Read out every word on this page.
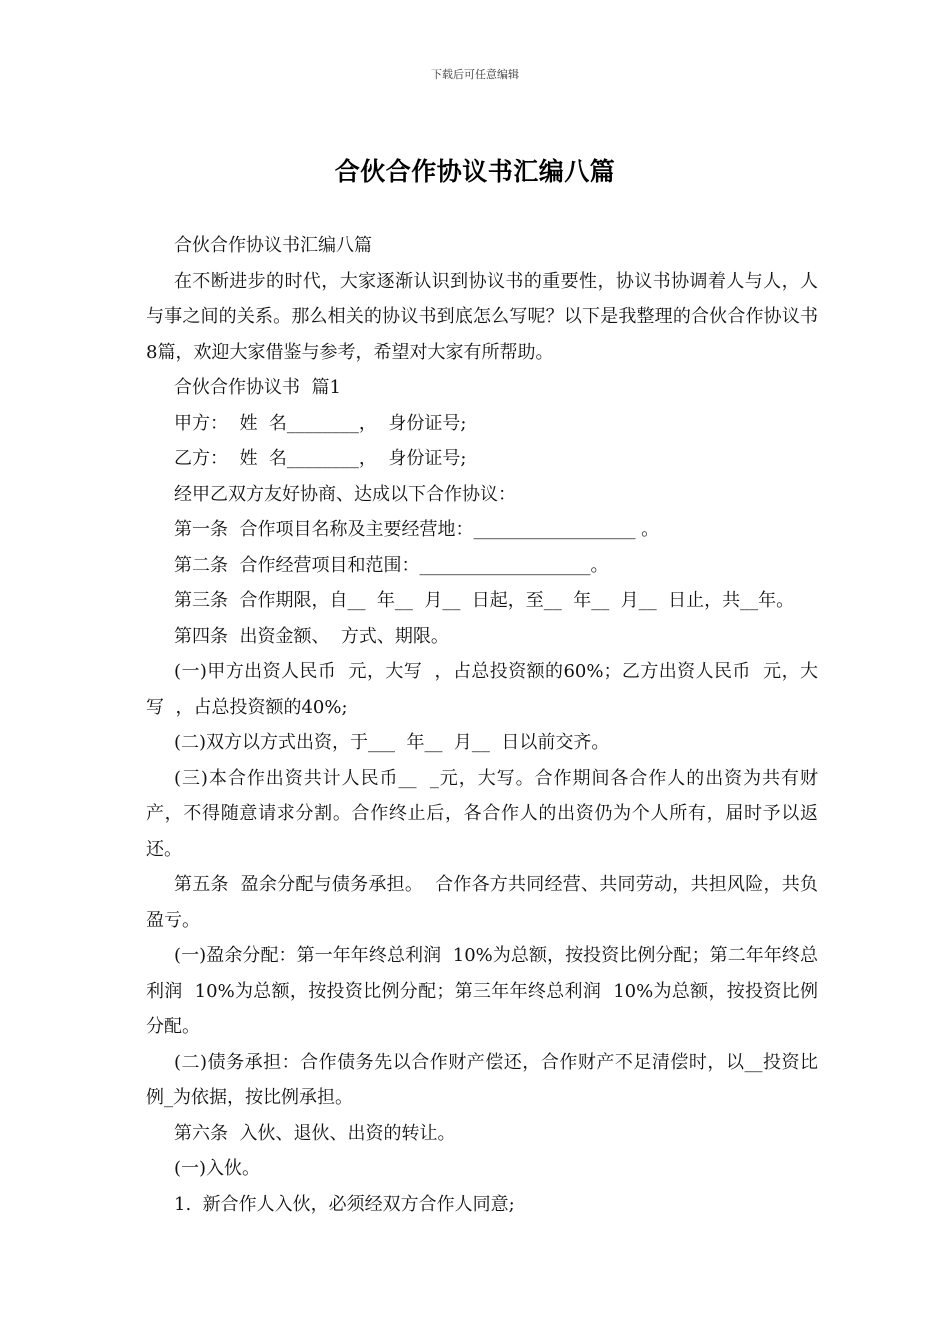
下载后可任意编辑
合伙合作协议书汇编八篇

合伙合作协议书汇编八篇

在不断进步的时代，大家逐渐认识到协议书的重要性，协议书协调着人与人，人与事之间的关系。那么相关的协议书到底怎么写呢？以下是我整理的合伙合作协议书8篇，欢迎大家借鉴与参考，希望对大家有所帮助。

合伙合作协议书  篇1

甲方：  姓  名________，  身份证号;

乙方：  姓  名________，  身份证号;

经甲乙双方友好协商、达成以下合作协议：

第一条  合作项目名称及主要经营地：__________________ 。

第二条  合作经营项目和范围：___________________。

第三条  合作期限，自__  年__  月__  日起，至__  年__  月__  日止，共__年。

第四条  出资金额、  方式、期限。

(一)甲方出资人民币  元，大写  ，占总投资额的60%；乙方出资人民币  元，大写  ，占总投资额的40%;

(二)双方以方式出资，于___  年__  月__  日以前交齐。

(三)本合作出资共计人民币__  _元，大写。合作期间各合作人的出资为共有财产，不得随意请求分割。合作终止后，各合作人的出资仍为个人所有，届时予以返还。

第五条  盈余分配与债务承担。  合作各方共同经营、共同劳动，共担风险，共负盈亏。

(一)盈余分配：第一年年终总利润  10%为总额，按投资比例分配；第二年年终总利润  10%为总额，按投资比例分配；第三年年终总利润  10%为总额，按投资比例分配。

(二)债务承担：合作债务先以合作财产偿还，合作财产不足清偿时，以__投资比例_为依据，按比例承担。

第六条  入伙、退伙、出资的转让。

(一)入伙。

1.  新合作人入伙，必须经双方合作人同意;
